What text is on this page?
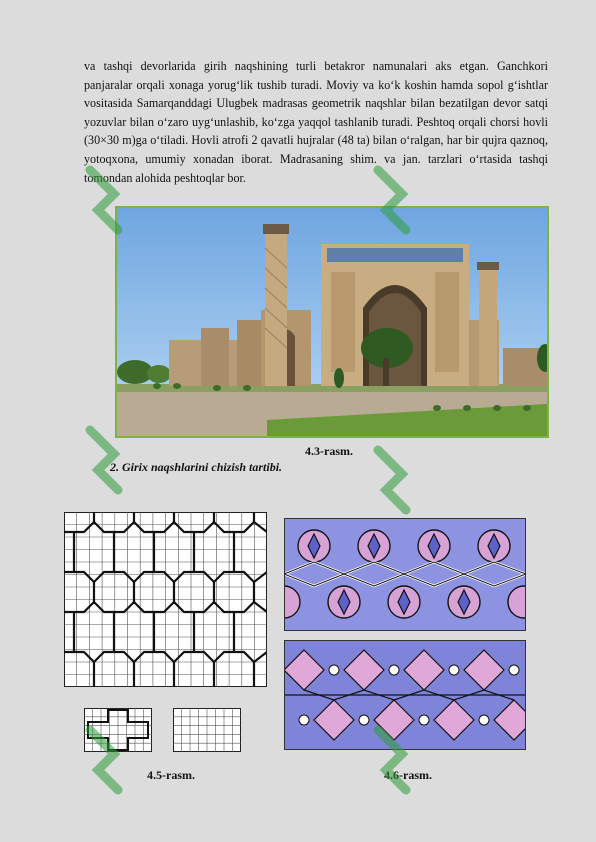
va tashqi devorlarida girih naqshining turli betakror namunalari aks etgan. Ganchkori panjaralar orqali xonaga yorug‘lik tushib turadi. Moviy va ko‘k koshin hamda sopol g‘ishtlar vositasida Samarqanddagi Ulugbek madrasas geometrik naqshlar bilan bezatilgan devor satqi yozuvlar bilan o‘zaro uyg‘unlashib, ko‘zga yaqqol tashlanib turadi. Peshtoq orqali chorsi hovli (30×30 m)ga o‘tiladi. Hovli atrofi 2 qavatli hujralar (48 ta) bilan o‘ralgan, har bir qujra qaznoq, yotoqxona, umumiy xonadan iborat. Madrasaning shim. va jan. tarzlari o‘rtasida tashqi tomondan alohida peshtoqlar bor.

4.3-rasm.

2. Girix naqshlarini chizish tartibi.

4.5-rasm.	4.6-rasm.
